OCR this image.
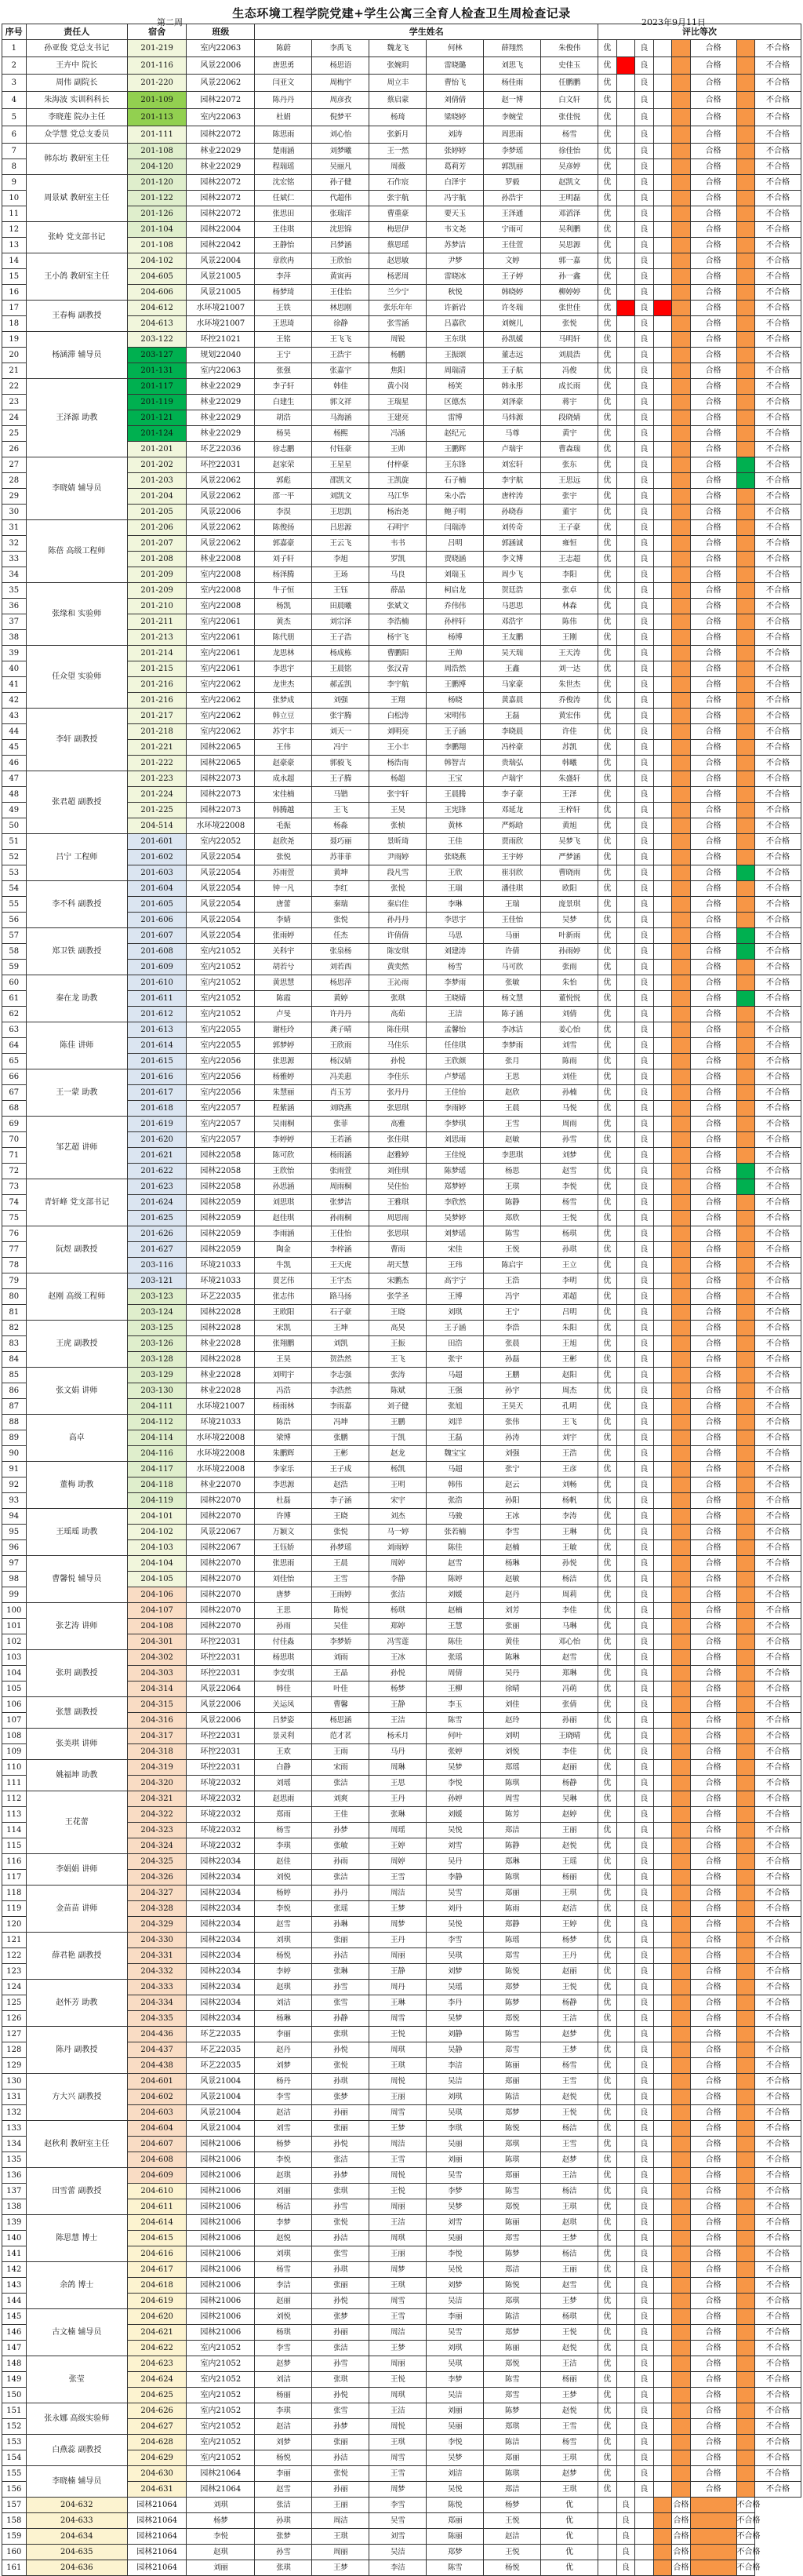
生态环境工程学院党建+学生公寓三全育人检查卫生周检查记录
第二周	2023年9月11日
序号	责任人	宿舍	班级	学生姓名						评比等次							
1	孙亚俊 党总支书记	201-219	室内22063	陈蔚	李禹飞	魏龙飞	何林	薛翔然	朱俊伟	优		良			合格		不合格
2	王卉中 院长	201-116	风景22006	唐思勇	杨思语	张婉玥	雷晓璐	刘思飞	史佳玉	优		良			合格		不合格
3	周伟 副院长	201-220	风景22062	闫亚文	周梅宇	周立丰	曹怡飞	杨佳雨	任鹏鹏	优		良			合格		不合格
4	朱海波 实训科科长	201-109	园林22072	陈丹丹	周彦孜	蔡启蒙	刘倩倩	赵一博	白文轩	优		良			合格		不合格
5	李晓莲 院办主任	201-113	室内22063	杜娟	倪梦平	杨琦	梁晓婷	李婉莹	张佳悦	优		良			合格		不合格
6	众学慧 党总支委员	201-111	园林22072	陈思雨	刘心怡	张新月	刘涛	周思雨	杨雪	优		良			合格		不合格
7	韩东坊 教研室主任	201-108	林业22029	楚雨涵	刘梦曦	王一然	张婷婷	李梦瑶	徐佳怡	优		良			合格		不合格
8		204-120	林业22029	程瑞瑶	吴丽凡	周薇	葛莉芳	郭凯丽	吴彦婷	优		良			合格		不合格
9	周景斌 教研室主任	201-120	园林22072	沈宏铭	孙子健	石作宸	白泽宇	罗毅	赵凯文	优		良			合格		不合格
10		201-122	园林22072	任斌仁	代超伟	张宇航	冯宇航	孙浩宇	王明磊	优		良			合格		不合格
11		201-126	园林22072	张思田	张瑞洋	曹重豪	要天玉	王泽通	邓滔泽	优		良			合格		不合格
12	张岭 党支部书记	201-104	园林22004	王佳琪	沈思锦	梅思伊	韦文尧	宁雨可	吴利鹏	优		良			合格		不合格
13		201-108	园林22042	王静怡	吕梦涵	蔡思瑶	苏梦洁	王佳萱	吴思源	优		良			合格		不合格
14	王小鸽 教研室主任	204-102	风景22004	章欣冉	王欣怡	赵思敏	尹梦	文婷	郭一嘉	优		良			合格		不合格
15		204-605	风景21005	李萍	黄寅再	杨恶周	雷晓冰	王子婷	孙一鑫	优		良			合格		不合格
16		204-606	风景21005	杨梦琦	王佳怡	兰少宁	秋悦	韩晓婷	柳婷婷	优		良			合格		不合格
17	王春梅 副教授	204-612	水环境21007	王铁	林思刚	张乐年年	许新岩	许冬瑞	张世佳	优		良			合格		不合格
18		204-613	水环境21007	王思琦	徐静	张雪涵	吕嘉欣	刘婉儿	张悦	优		良			合格		不合格
19	杨涵滞 辅导员	203-122	环控21021	王铭	王飞飞	周锐	王东琪	孙凯媛	马明轩	优		良			合格		不合格
20		203-127	规划22040	王宁	王浩宇	杨鹏	王振颂	董志远	刘晨浩	优		良			合格		不合格
21		201-131	室内22063	张强	张嘉宇	焦阳	周瑞清	王子航	冯俊	优		良			合格		不合格
22	王泽源 助教	201-117	林业22029	李子轩	韩佳	黄小岗	杨笑	韩永彤	成长雨	优		良			合格		不合格
23		201-119	林业22029	白建生	郭文祥	王瑞星	区德杰	刘泽豪	蒋宇	优		良			合格		不合格
24		201-121	林业22029	胡浩	马海涵	王建亮	雷博	马炜源	段晓婧	优		良			合格		不合格
25		201-124	林业22029	杨昊	杨熙	冯涵	赵纪元	马尊	黄宇	优		良			合格		不合格
26		201-201	环艺22036	徐志鹏	付钰豪	王帅	王鹏辉	卢瑞宇	曹森瑞	优		良			合格		不合格
27	李晓婧 辅导员	201-202	环控22031	赵家荣	王星星	付梓豪	王东锋	刘宏轩	张东	优		良			合格		不合格
28		201-203	风景22062	郭彪	邵凯文	王凯旋	石子楠	李宇航	王思远	优		良			合格		不合格
29		201-204	风景22062	邵一平	刘凯文	马江华	朱小浩	唐梓涛	张宇	优		良			合格		不合格
30		201-205	风景22006	李淏	王思凯	杨治尧	鲍子明	孙晓春	董宇	优		良			合格		不合格
31	陈蓓 高级工程师	201-206	风景22062	陈俊扬	吕思源	石明宇	闫瑞涛	刘传奇	王子豪	优		良			合格		不合格
32		201-207	风景22062	郭嘉豪	王云飞	韦书	吕明	郭涵诚	雍恒	优		良			合格		不合格
33		201-208	林业22008	刘子轩	李旭	罗凯	贾晓涵	李文博	王志超	优		良			合格		不合格
34		201-209	室内22008	杨泽腾	王玚	马良	刘瑞玉	周少飞	李阳	优		良			合格		不合格
35	张缘和 实验师	201-209	室内22008	牛子恒	王钰	薛晶	柯启龙	贺廷浩	张卓	优		良			合格		不合格
36		201-210	室内22008	杨凯	田晨曦	张斌文	乔伟伟	马思思	林森	优		良			合格		不合格
37		201-211	室内22061	黄杰	刘宗泽	李浩楠	孙梓轩	邓浩宇	陈伟	优		良			合格		不合格
38		201-213	室内22061	陈代朋	王子浩	杨宇飞	杨博	王友鹏	王刚	优		良			合格		不合格
39	任众望 实验师	201-214	室内22061	龙思林	杨成栋	曹鹏阳	王帅	吴天瑞	王天涛	优		良			合格		不合格
40		201-215	室内22061	李思宇	王晨铭	张汉青	周浩然	王鑫	刘一达	优		良			合格		不合格
41		201-216	室内22062	龙世杰	郝孟凯	李宇航	王鹏博	马家豪	朱世杰	优		良			合格		不合格
42		201-216	室内22062	张梦成	刘强	王翔	杨晓	黄嘉晨	乔俊涛	优		良			合格		不合格
43	李轩 副教授	201-217	室内22062	韩立豆	张宇腾	白松涛	宋明伟	王磊	黄宏伟	优		良			合格		不合格
44		201-218	室内22062	苏宇丰	刘天一	刘明亮	王子涵	李晓晨	许佳	优		良			合格		不合格
45		201-221	园林22065	王伟	冯宇	王小丰	李鹏翔	冯梓豪	苏凯	优		良			合格		不合格
46		201-222	园林22065	赵豪豪	郭毅飞	杨浩南	韩智吉	贵瑞弘	韩曦	优		良			合格		不合格
47	张君超 副教授	201-223	园林22073	成永超	王子腾	杨超	王宝	卢瑞宇	朱盛轩	优		良			合格		不合格
48		201-224	园林22073	宋佳楠	马锴	张宇轩	王晨腾	李子豪	王泽	优		良			合格		不合格
49		201-225	园林22073	韩腾越	王飞	王昊	王宪锋	邓延龙	王梓轩	优		良			合格		不合格
50		204-514	水环境22008	毛振	杨淼	张桢	黄林	严烁晗	黄旭	优		良			合格		不合格
51	吕宁 工程师	201-601	室内22052	赵欣尧	聂巧丽	景昕琦	王佳	贾雨欣	吴梦飞	优		良			合格		不合格
52		201-602	风景22054	张悦	苏菲菲	尹雨婷	张晓燕	王宇婷	严梦涵	优		良			合格		不合格
53		201-603	风景22054	苏雨萱	黄坤	段凡雪	王欣	崔羽欣	曹晓雨	优		良			合格		不合格
54	李不科 副教授	201-604	风景22054	钟一凡	李红	张悦	王瑞	潘佳琪	欧阳	优		良			合格		不合格
55		201-605	风景22054	唐蕾	秦瑞	秦启佳	李琳	王瑞	庞景琪	优		良			合格		不合格
56		201-606	风景22054	李婧	张悦	孙丹丹	李思宇	王佳怡	吴梦	优		良			合格		不合格
57	郑卫铁 副教授	201-607	风景22054	张雨婷	任杰	许倩倩	马思	马丽	叶新雨	优		良			合格		不合格
58		201-608	室内21052	关科宇	张泉杨	陈安琪	刘建涛	许倩	孙雨婷	优		良			合格		不合格
59		201-609	室内21052	胡若兮	刘若西	黄奕然	杨雪	马可欣	张雨	优		良			合格		不合格
60	秦在龙 助教	201-610	室内21052	黄思慧	杨思萍	王沁雨	李梦雨	张敏	朱怡	优		良			合格		不合格
61		201-611	室内21052	陈霞	黄婷	张琪	王晓婧	杨文慧	董悦悦	优		良			合格		不合格
62		201-612	室内21052	卢旻	许丹丹	高茹	王洁	陈子涵	刘倩	优		良			合格		不合格
63	陈佳 讲师	201-613	室内22055	谢桂玲	龚子晴	陈佳琪	孟馨怡	李冰洁	姜心怡	优		良			合格		不合格
64		201-614	室内22055	郭梦婷	王欣雨	马佳乐	任佳琪	李梦雨	刘雪	优		良			合格		不合格
65		201-615	室内22056	张思源	杨汉婧	孙悦	王欣颜	张月	陈雨	优		良			合格		不合格
66	王一蒙 助教	201-616	室内22056	杨雅婷	冯美惠	李佳乐	卢梦瑶	王思	刘佳	优		良			合格		不合格
67		201-617	室内22056	朱慧丽	肖玉芳	张丹丹	王佳怡	赵欣	孙楠	优		良			合格		不合格
68		201-618	室内22057	程紫涵	刘晓燕	张思琪	李雨婷	王晨	马悦	优		良			合格		不合格
69	邹艺超 讲师	201-619	室内22057	吴雨桐	张菲	高雅	李梦琪	王雪	周雨	优		良			合格		不合格
70		201-620	室内22057	李婷婷	王若涵	张佳琪	刘思雨	赵敏	孙雪	优		良			合格		不合格
71		201-621	园林22058	陈可欣	杨雨涵	赵雅婷	王佳悦	李思琪	刘梦	优		良			合格		不合格
72		201-622	园林22058	王欣怡	张雨萱	刘佳琪	陈梦瑶	杨思	赵雪	优		良			合格		不合格
73	青轩峰 党支部书记	201-623	园林22058	孙思涵	周雨桐	吴佳怡	郑梦婷	王琪	李悦	优		良			合格		不合格
74		201-624	园林22059	刘思琪	张梦洁	王雅琪	李欣然	陈静	杨雪	优		良			合格		不合格
75		201-625	园林22059	赵佳琪	孙雨桐	周思雨	吴梦婷	郑欣	王悦	优		良			合格		不合格
76	阮煜 副教授	201-626	园林22059	李雨涵	王佳怡	张思琪	刘梦瑶	陈雪	杨琪	优		良			合格		不合格
77		201-627	园林22059	陶金	李梓涵	曹雨	宋佳	王悦	孙琪	优		良			合格		不合格
78		203-116	环境21033	牛凯	王天虎	胡天慧	王玮	陈启宇	王立	优		良			合格		不合格
79	赵刚 高级工程师	203-121	环境21033	贾艺伟	王宇杰	宋鹏杰	高宇宁	王浩	李明	优		良			合格		不合格
80		203-123	环艺22035	张志伟	路马扬	张学圣	王博	冯宇	邓超	优		良			合格		不合格
81		203-124	园林22028	王欧阳	石子豪	王晓	刘琪	王宁	吕明	优		良			合格		不合格
82	王虎 副教授	203-125	园林22028	宋凯	王坤	高昊	王子涵	李浩	朱阳	优		良			合格		不合格
83		203-126	林业22028	张翔鹏	刘凯	王振	田浩	张晨	王旭	优		良			合格		不合格
84		203-128	园林22028	王昊	贺浩然	王飞	张宇	孙磊	王彬	优		良			合格		不合格
85	张文娟 讲师	203-129	林业22028	刘明宇	李志强	张涛	马超	王鹏	赵阳	优		良			合格		不合格
86		203-130	林业22028	冯浩	李浩然	陈斌	王强	孙宇	周杰	优		良			合格		不合格
87		204-111	水环境21007	杨雨林	李雨嘉	刘子健	张旭	王昊天	孔明	优		良			合格		不合格
88	高卓	204-112	环境21033	陈浩	冯坤	王鹏	刘洋	张伟	王飞	优		良			合格		不合格
89		204-114	水环境22008	梁博	张鹏	于凯	王磊	孙涛	刘宇	优		良			合格		不合格
90		204-116	水环境22008	朱鹏辉	王彬	赵龙	魏宝宝	刘强	王浩	优		良			合格		不合格
91	董梅 助教	204-117	水环境22008	李家乐	王子成	杨凯	马超	张宁	王彦	优		良			合格		不合格
92		204-118	林业22070	李思源	赵浩	王明	韩伟	赵云	刘畅	优		良			合格		不合格
93		204-119	园林22070	杜磊	李子涵	宋宇	张浩	孙阳	杨帆	优		良			合格		不合格
94	王瑶瑶 助教	204-101	园林22070	许博	王晓	刘杰	马骏	王冰	李涛	优		良			合格		不合格
95		204-102	风景22067	万颖文	张悦	马一婷	张若楠	李雪	王琳	优		良			合格		不合格
96		204-103	园林22067	王钰娇	孙梦瑶	刘雨婷	陈佳	赵楠	王敏	优		良			合格		不合格
97	曹馨悦 辅导员	204-104	园林22070	张思雨	王晨	周婷	赵雪	杨琳	孙悦	优		良			合格		不合格
98		204-105	园林22070	刘佳怡	王雪	李静	陈婷	赵敏	杨洁	优		良			合格		不合格
99		204-106	园林22070	唐梦	王雨婷	张洁	刘媛	赵丹	周莉	优		良			合格		不合格
100	张艺涛 讲师	204-107	园林22070	王思	陈悦	杨琪	赵楠	刘芳	李佳	优		良			合格		不合格
101		204-108	园林22070	孙雨	吴佳	郑婷	王慧	张丽	马琳	优		良			合格		不合格
102		204-301	环控22031	付佳淼	李梦娇	冯雪莲	陈佳	黄佳	邓心怡	优		良			合格		不合格
103	张玥 副教授	204-302	环控22031	杨思琪	刘雨	王冰	张瑶	陈琳	赵雪	优		良			合格		不合格
104		204-303	环控22031	李安琪	王晶	孙悦	周倩	吴丹	郑琳	优		良			合格		不合格
105		204-314	风景22064	韩佳	叶佳	杨梦	王柳	徐晴	冯萌	优		良			合格		不合格
106	张慧 副教授	204-315	风景22006	关运凤	曹馨	王静	李玉	刘佳	张倩	优		良			合格		不合格
107		204-316	风景22006	吕梦姿	杨思涵	王洁	陈雪	赵玲	孙丽	优		良			合格		不合格
108	张美琪 讲师	204-317	环控22031	景灵利	范才茗	杨禾月	何叶	刘明	王晓晴	优		良			合格		不合格
109		204-318	环控22031	王欢	王雨	马丹	张婷	刘悦	李佳	优		良			合格		不合格
110	姚福坤 助教	204-319	环控22031	白静	宋雨	周琳	吴梦	郑瑶	赵丽	优		良			合格		不合格
111		204-320	环境22032	刘瑶	张洁	王思	李悦	陈琪	杨静	优		良			合格		不合格
112	王花蕾	204-321	环境22032	赵思雨	刘爽	王丹	孙婷	周雪	吴琳	优		良			合格		不合格
113		204-322	环境22032	郑雨	王佳	张琳	刘媛	陈芳	赵婷	优		良			合格		不合格
114		204-323	环境22032	杨雪	孙梦	周瑶	吴悦	郑洁	王丽	优		良			合格		不合格
115		204-324	环境22032	李琪	张敏	王婷	刘雪	陈静	赵悦	优		良			合格		不合格
116	李娟娟 讲师	204-325	园林22034	赵佳	孙雨	周婷	吴丹	郑琳	王瑶	优		良			合格		不合格
117		204-326	园林22034	刘悦	张洁	王雪	李静	陈琪	杨丽	优		良			合格		不合格
118	金苗苗 讲师	204-327	园林22034	杨婷	孙丹	周洁	吴雪	郑丽	王琪	优		良			合格		不合格
119		204-328	园林22034	李悦	张瑶	王梦	刘丹	陈雨	赵洁	优		良			合格		不合格
120		204-329	园林22034	赵雪	孙琳	周梦	吴悦	郑静	王婷	优		良			合格		不合格
121	薛君艳 副教授	204-330	园林22034	刘琪	张丽	王丹	李雪	陈瑶	杨梦	优		良			合格		不合格
122		204-331	园林22034	杨悦	孙洁	周丽	吴琪	郑雪	王丹	优		良			合格		不合格
123		204-332	园林22034	李婷	张琳	王静	刘梦	陈悦	赵丽	优		良			合格		不合格
124	赵怀芳 助教	204-333	园林22034	赵琪	孙雪	周丹	吴瑶	郑梦	王悦	优		良			合格		不合格
125		204-334	园林22034	刘洁	张雪	王琳	李丹	陈梦	杨静	优		良			合格		不合格
126		204-335	园林22034	杨琳	孙静	周雪	吴梦	郑悦	王洁	优		良			合格		不合格
127	陈丹 副教授	204-436	环艺22035	李丽	张琪	王悦	刘静	陈雪	赵梦	优		良			合格		不合格
128		204-437	环艺22035	赵丹	孙悦	周琪	吴静	郑雪	王梦	优		良			合格		不合格
129		204-438	环艺22035	刘梦	张悦	王琪	李洁	陈丽	杨雪	优		良			合格		不合格
130	方大兴 副教授	204-601	风景21004	杨丹	孙琪	周悦	吴洁	郑丽	王雪	优		良			合格		不合格
131		204-602	风景21004	李雪	张梦	王丽	刘琪	陈洁	赵悦	优		良			合格		不合格
132		204-603	风景21004	赵洁	孙丽	周雪	吴琪	郑梦	王悦	优		良			合格		不合格
133	赵秋利 教研室主任	204-604	风景21004	刘雪	张丽	王梦	李琪	陈悦	杨洁	优		良			合格		不合格
134		204-607	园林21006	杨梦	孙悦	周洁	吴丽	郑琪	王雪	优		良			合格		不合格
135		204-608	园林21006	李悦	张洁	王雪	刘丽	陈琪	赵梦	优		良			合格		不合格
136	田雪蕾 副教授	204-609	园林21006	赵琪	孙梦	周悦	吴雪	郑丽	王洁	优		良			合格		不合格
137		204-610	园林21006	刘丽	张琪	王悦	李梦	陈雪	杨洁	优		良			合格		不合格
138		204-611	园林21006	杨洁	孙雪	周丽	吴梦	郑悦	王琪	优		良			合格		不合格
139	陈思慧 博士	204-614	园林21006	李梦	张悦	王洁	刘雪	陈丽	赵琪	优		良			合格		不合格
140		204-615	园林21006	赵悦	孙洁	周琪	吴丽	郑雪	王梦	优		良			合格		不合格
141		204-616	园林21006	刘琪	张雪	王丽	李悦	陈梦	杨洁	优		良			合格		不合格
142	余鸽 博士	204-617	园林21006	杨雪	孙琪	周梦	吴悦	郑洁	王丽	优		良			合格		不合格
143		204-618	园林21006	李洁	张丽	王琪	刘梦	陈悦	赵雪	优		良			合格		不合格
144		204-619	园林21006	赵丽	孙悦	周雪	吴洁	郑琪	王梦	优		良			合格		不合格
145	古文楠 辅导员	204-620	园林21006	刘悦	张梦	王雪	李丽	陈洁	杨琪	优		良			合格		不合格
146		204-621	园林21006	杨琪	孙丽	周洁	吴雪	郑梦	王悦	优		良			合格		不合格
147		204-622	室内21052	李雪	张洁	王梦	刘琪	陈丽	赵悦	优		良			合格		不合格
148	张莹	204-623	室内21052	赵梦	孙雪	周丽	吴琪	郑悦	王洁	优		良			合格		不合格
149		204-624	室内21052	刘洁	张琪	王悦	李梦	陈雪	杨丽	优		良			合格		不合格
150		204-625	室内21052	杨丽	孙悦	周琪	吴洁	郑雪	王梦	优		良			合格		不合格
151	张永娜 高级实验师	204-626	室内21052	李琪	张雪	王洁	刘丽	陈梦	赵悦	优		良			合格		不合格
152		204-627	室内21052	赵洁	孙梦	周悦	吴丽	郑琪	王雪	优		良			合格		不合格
153	白燕蕊 副教授	204-628	室内21052	刘梦	张丽	王琪	李悦	陈洁	杨雪	优		良			合格		不合格
154		204-629	室内21052	杨悦	孙洁	周雪	吴梦	郑丽	王琪	优		良			合格		不合格
155	李晓楠 辅导员	204-630	园林21064	李丽	张悦	王雪	刘洁	陈琪	赵梦	优		良			合格		不合格
156		204-631	园林21064	赵雪	孙丽	周梦	吴悦	郑洁	王琪	优		良			合格		不合格
157	204-632	园林21064	刘琪	张洁	王丽	李雪	陈悦	杨梦	优		良			合格		不合格	
158	204-633	园林21064	杨梦	孙琪	周洁	吴雪	郑丽	王悦	优		良			合格		不合格	
159	204-634	园林21064	李悦	张梦	王琪	刘雪	陈丽	赵洁	优		良			合格		不合格	
160	204-635	园林21064	赵琪	孙雪	周丽	吴洁	郑梦	王悦	优		良			合格		不合格	
161	204-636	园林21064	刘丽	张琪	王梦	李洁	陈雪	杨悦	优		良			合格		不合格	
